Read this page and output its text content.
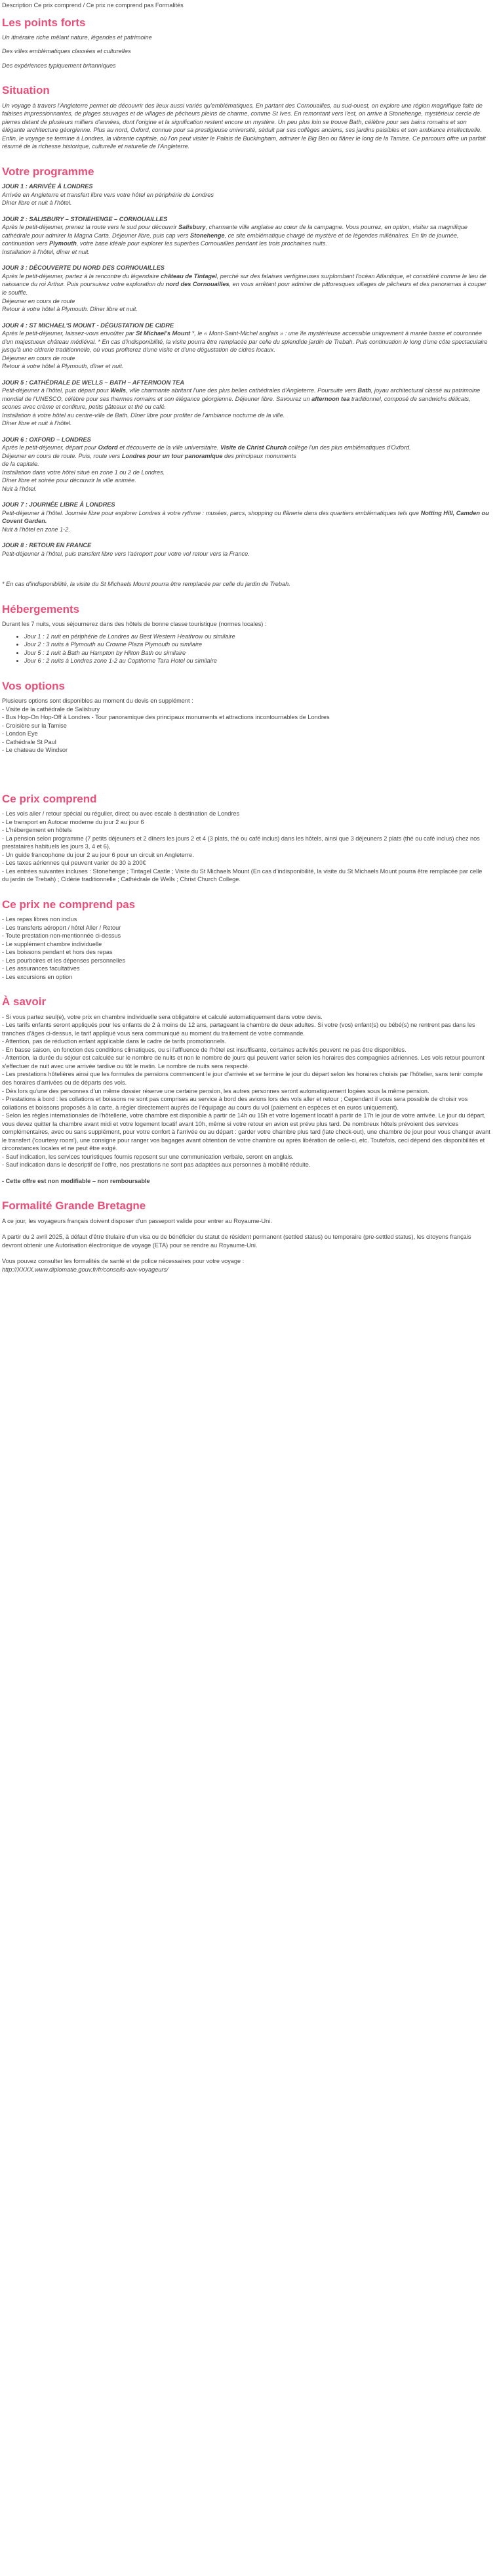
Description Ce prix comprend / Ce prix ne comprend pas Formalités
Les points forts

Un itinéraire riche mêlant nature, légendes et patrimoine

Des villes emblématiques classées et culturelles

Des expériences typiquement britanniques

Situation

Un voyage à travers l'Angleterre permet de découvrir des lieux aussi variés qu'emblématiques. En partant des Cornouailles, au sud-ouest, on explore une région magnifique faite de falaises impressionnantes, de plages sauvages et de villages de pêcheurs pleins de charme, comme St Ives. En remontant vers l'est, on arrive à Stonehenge, mystérieux cercle de pierres datant de plusieurs milliers d'années, dont l'origine et la signification restent encore un mystère. Un peu plus loin se trouve Bath, célèbre pour ses bains romains et son élégante architecture géorgienne. Plus au nord, Oxford, connue pour sa prestigieuse université, séduit par ses collèges anciens, ses jardins paisibles et son ambiance intellectuelle. Enfin, le voyage se termine à Londres, la vibrante capitale, où l'on peut visiter le Palais de Buckingham, admirer le Big Ben ou flâner le long de la Tamise. Ce parcours offre un parfait résumé de la richesse historique, culturelle et naturelle de l'Angleterre.

Votre programme
JOUR 1 : ARRIVÉE À LONDRES
Arrivée en Angleterre et transfert libre vers votre hôtel en périphérie de Londres
Dîner libre et nuit à l'hôtel.
JOUR 2 : SALISBURY – STONEHENGE – CORNOUAILLES
Après le petit-déjeuner, prenez la route vers le sud pour découvrir Salisbury, charmante ville anglaise au cœur de la campagne. Vous pourrez, en option, visiter sa magnifique cathédrale pour admirer la Magna Carta. Déjeuner libre, puis cap vers Stonehenge, ce site emblématique chargé de mystère et de légendes millénaires. En fin de journée, continuation vers Plymouth, votre base idéale pour explorer les superbes Cornouailles pendant les trois prochaines nuits.
Installation à l'hôtel, dîner et nuit.
JOUR 3 : DÉCOUVERTE DU NORD DES CORNOUAILLES
Après le petit-déjeuner, partez à la rencontre du légendaire château de Tintagel, perché sur des falaises vertigineuses surplombant l'océan Atlantique, et considéré comme le lieu de naissance du roi Arthur. Puis poursuivez votre exploration du nord des Cornouailles, en vous arrêtant pour admirer de pittoresques villages de pêcheurs et des panoramas à couper le souffle.
Déjeuner en cours de route
Retour à votre hôtel à Plymouth. Dîner libre et nuit.
JOUR 4 : ST MICHAEL'S MOUNT - DÉGUSTATION DE CIDRE
Après le petit-déjeuner, laissez-vous envoûter par St Michael's Mount *, le « Mont-Saint-Michel anglais » : une île mystérieuse accessible uniquement à marée basse et couronnée d'un majestueux château médiéval. * En cas d'indisponibilité, la visite pourra être remplacée par celle du splendide jardin de Trebah. Puis continuation le long d'une côte spectaculaire jusqu'à une cidrerie traditionnelle, où vous profiterez d'une visite et d'une dégustation de cidres locaux.
Déjeuner en cours de route
Retour à votre hôtel à Plymouth, dîner et nuit.
JOUR 5 : CATHÉDRALE DE WELLS – BATH – AFTERNOON TEA
Petit-déjeuner à l'hôtel, puis départ pour Wells, ville charmante abritant l'une des plus belles cathédrales d'Angleterre. Poursuite vers Bath, joyau architectural classé au patrimoine mondial de l'UNESCO, célèbre pour ses thermes romains et son élégance géorgienne. Déjeuner libre. Savourez un afternoon tea traditionnel, composé de sandwichs délicats, scones avec crème et confiture, petits gâteaux et thé ou café.
Installation à votre hôtel au centre-ville de Bath. Dîner libre pour profiter de l'ambiance nocturne de la ville.
Dîner libre et nuit à l'hôtel.
JOUR 6 : OXFORD – LONDRES
Après le petit-déjeuner, départ pour Oxford et découverte de la ville universitaire. Visite de Christ Church collège l'un des plus emblématiques d'Oxford.
Déjeuner en cours de route. Puis, route vers Londres pour un tour panoramique des principaux monuments
de la capitale.
Installation dans votre hôtel situé en zone 1 ou 2 de Londres.
Dîner libre et soirée pour découvrir la ville animée.
Nuit à l'hôtel.
JOUR 7 : JOURNÉE LIBRE À LONDRES
Petit-déjeuner à l'hôtel. Journée libre pour explorer Londres à votre rythme : musées, parcs, shopping ou flânerie dans des quartiers emblématiques tels que Notting Hill, Camden ou Covent Garden.
Nuit à l'hôtel en zone 1-2.
JOUR 8 : RETOUR EN FRANCE
Petit-déjeuner à l'hôtel, puis transfert libre vers l'aéroport pour votre vol retour vers la France.

* En cas d'indisponibilité, la visite du St Michaels Mount pourra être remplacée par celle du jardin de Trebah.

Hébergements

Durant les 7 nuits, vous séjournerez dans des hôtels de bonne classe touristique (normes locales) :

• Jour 1 : 1 nuit en périphérie de Londres au Best Western Heathrow ou similaire
• Jour 2 : 3 nuits à Plymouth au Crowne Plaza Plymouth ou similaire
• Jour 5 : 1 nuit à Bath au Hampton by Hilton Bath ou similaire
• Jour 6 : 2 nuits à Londres zone 1-2 au Copthorne Tara Hotel ou similaire
Vos options
Plusieurs options sont disponibles au moment du devis en supplément :
- Visite de la cathédrale de Salisbury
- Bus Hop-On Hop-Off à Londres - Tour panoramique des principaux monuments et attractions incontournables de Londres
- Croisière sur la Tamise
- London Eye
- Cathédrale St Paul
- Le chateau de Windsor
Ce prix comprend
- Les vols aller / retour spécial ou régulier, direct ou avec escale à destination de Londres
- Le transport en Autocar moderne du jour 2 au jour 6
- L'hébergement en hôtels
- La pension selon programme (7 petits déjeuners et 2 dîners les jours 2 et 4 (3 plats, thé ou café inclus) dans les hôtels, ainsi que 3 déjeuners 2 plats (thé ou café inclus) chez nos prestataires habituels les jours 3, 4 et 6),
- Un guide francophone du jour 2 au jour 6 pour un circuit en Angleterre.
- Les taxes aériennes qui peuvent varier de 30 à 200€
- Les entrées suivantes incluses : Stonehenge ; Tintagel Castle ; Visite du St Michaels Mount (En cas d'indisponibilité, la visite du St Michaels Mount pourra être remplacée par celle du jardin de Trebah) ; Cidérie traditionnelle ; Cathédrale de Wells ; Christ Church College.
Ce prix ne comprend pas
- Les repas libres non inclus
- Les transferts aéroport / hôtel Aller / Retour
- Toute prestation non-mentionnée ci-dessus
- Le supplément chambre individuelle
- Les boissons pendant et hors des repas
- Les pourboires et les dépenses personnelles
- Les assurances facultatives
- Les excursions en option
À savoir
- Si vous partez seul(e), votre prix en chambre individuelle sera obligatoire et calculé automatiquement dans votre devis.
- Les tarifs enfants seront appliqués pour les enfants de 2 à moins de 12 ans, partageant la chambre de deux adultes. Si votre (vos) enfant(s) ou bébé(s) ne rentrent pas dans les tranches d'âges ci-dessus, le tarif appliqué vous sera communiqué au moment du traitement de votre commande.
- Attention, pas de réduction enfant applicable dans le cadre de tarifs promotionnels.
- En basse saison, en fonction des conditions climatiques, ou si l'affluence de l'hôtel est insuffisante, certaines activités peuvent ne pas être disponibles.
- Attention, la durée du séjour est calculée sur le nombre de nuits et non le nombre de jours qui peuvent varier selon les horaires des compagnies aériennes. Les vols retour pourront s'effectuer de nuit avec une arrivée tardive ou tôt le matin. Le nombre de nuits sera respecté.
- Les prestations hôtelières ainsi que les formules de pensions commencent le jour d'arrivée et se termine le jour du départ selon les horaires choisis par l'hôtelier, sans tenir compte des horaires d'arrivées ou de départs des vols.
- Dès lors qu'une des personnes d'un même dossier réserve une certaine pension, les autres personnes seront automatiquement logées sous la même pension.
- Prestations à bord : les collations et boissons ne sont pas comprises au service à bord des avions lors des vols aller et retour ; Cependant il vous sera possible de choisir vos collations et boissons proposés à la carte, à régler directement auprès de l'équipage au cours du vol (paiement en espèces et en euros uniquement).
- Selon les règles internationales de l'hôtellerie, votre chambre est disponible à partir de 14h ou 15h et votre logement locatif à partir de 17h le jour de votre arrivée. Le jour du départ, vous devez quitter la chambre avant midi et votre logement locatif avant 10h, même si votre retour en avion est prévu plus tard. De nombreux hôtels prévoient des services complémentaires, avec ou sans supplément, pour votre confort à l'arrivée ou au départ : garder votre chambre plus tard (late check-out), une chambre de jour pour vous changer avant le transfert ('courtesy room'), une consigne pour ranger vos bagages avant obtention de votre chambre ou après libération de celle-ci, etc. Toutefois, ceci dépend des disponibilités et circonstances locales et ne peut être exigé.
- Sauf indication, les services touristiques fournis reposent sur une communication verbale, seront en anglais.
- Sauf indication dans le descriptif de l'offre, nos prestations ne sont pas adaptées aux personnes à mobilité réduite.
- Cette offre est non modifiable – non remboursable
Formalité Grande Bretagne

A ce jour, les voyageurs français doivent disposer d'un passeport valide pour entrer au Royaume-Uni.

A partir du 2 avril 2025, à défaut d'être titulaire d'un visa ou de bénéficier du statut de résident permanent (settled status) ou temporaire (pre-settled status), les citoyens français devront obtenir une Autorisation électronique de voyage (ETA) pour se rendre au Royaume-Uni.

Vous pouvez consulter les formalités de santé et de police nécessaires pour votre voyage :

http://XXXX.www.diplomatie.gouv.fr/fr/conseils-aux-voyageurs/
